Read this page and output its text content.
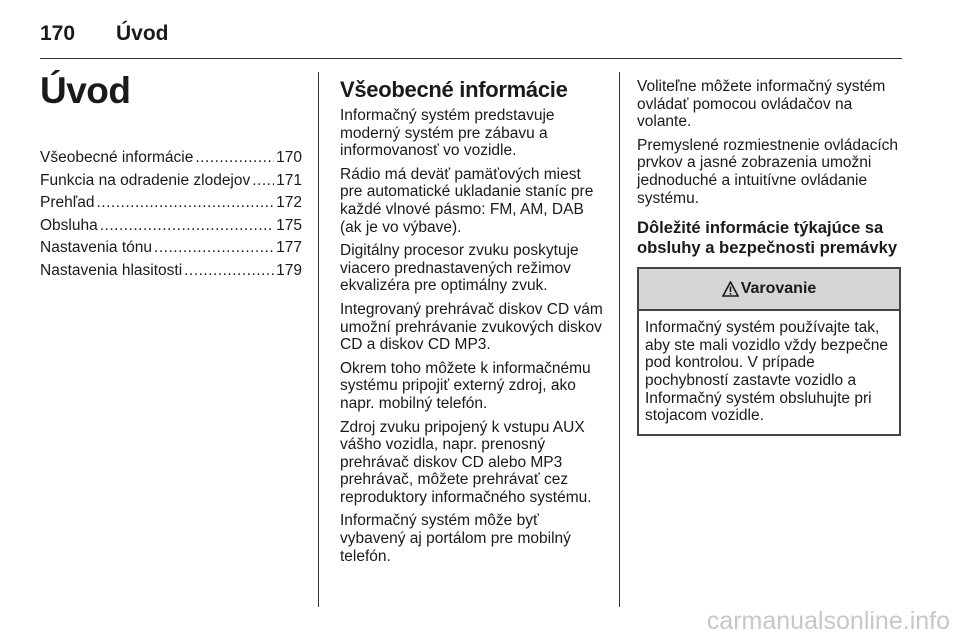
170	Úvod
Úvod
Všeobecné informácie .....	170
Funkcia na odradenie zlodejov ..... 171
Prehľad .....	172
Obsluha .....	175
Nastavenia tónu .....	177
Nastavenia hlasitosti .....	179
Všeobecné informácie

Informačný systém predstavuje moderný systém pre zábavu a informovanosť vo vozidle.

Rádio má deväť pamäťových miest pre automatické ukladanie staníc pre každé vlnové pásmo: FM, AM, DAB (ak je vo výbave).

Digitálny procesor zvuku poskytuje viacero prednastavených režimov ekvalizéra pre optimálny zvuk.

Integrovaný prehrávač diskov CD vám umožní prehrávanie zvukových diskov CD a diskov CD MP3.

Okrem toho môžete k informačnému systému pripojiť externý zdroj, ako napr. mobilný telefón.

Zdroj zvuku pripojený k vstupu AUX vášho vozidla, napr. prenosný prehrávač diskov CD alebo MP3 prehrávač, môžete prehrávať cez reproduktory informačného systému.

Informačný systém môže byť vybavený aj portálom pre mobilný telefón.

Voliteľne môžete informačný systém ovládať pomocou ovládačov na volante.

Premyslené rozmiestnenie ovládacích prvkov a jasné zobrazenia umožni jednoduché a intuitívne ovládanie systému.

Dôležité informácie týkajúce sa obsluhy a bezpečnosti premávky
Varovanie
Informačný systém používajte tak, aby ste mali vozidlo vždy bezpečne pod kontrolou. V prípade pochybností zastavte vozidlo a Informačný systém obsluhujte pri stojacom vozidle.
carmanualsonline.info
